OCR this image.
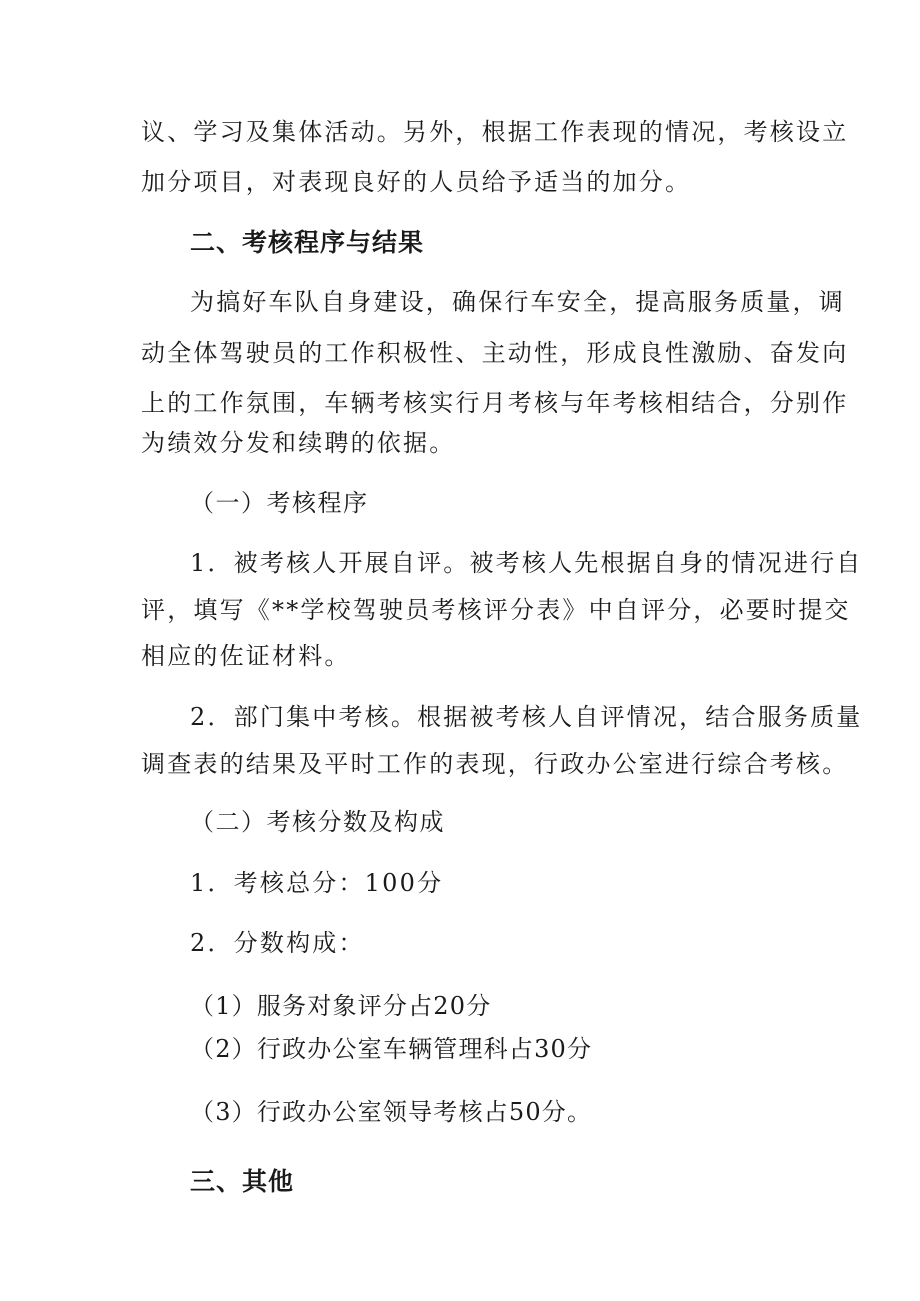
议、学习及集体活动。另外，根据工作表现的情况，考核设立
加分项目，对表现良好的人员给予适当的加分。
二、考核程序与结果
为搞好车队自身建设，确保行车安全，提高服务质量，调
动全体驾驶员的工作积极性、主动性，形成良性激励、奋发向
上的工作氛围，车辆考核实行月考核与年考核相结合，分别作
为绩效分发和续聘的依据。
（一）考核程序
1．被考核人开展自评。被考核人先根据自身的情况进行自
评，填写《**学校驾驶员考核评分表》中自评分，必要时提交
相应的佐证材料。
2．部门集中考核。根据被考核人自评情况，结合服务质量
调查表的结果及平时工作的表现，行政办公室进行综合考核。
（二）考核分数及构成
1．考核总分：100分
2．分数构成：
（1）服务对象评分占20分
（2）行政办公室车辆管理科占30分
（3）行政办公室领导考核占50分。
三、其他
